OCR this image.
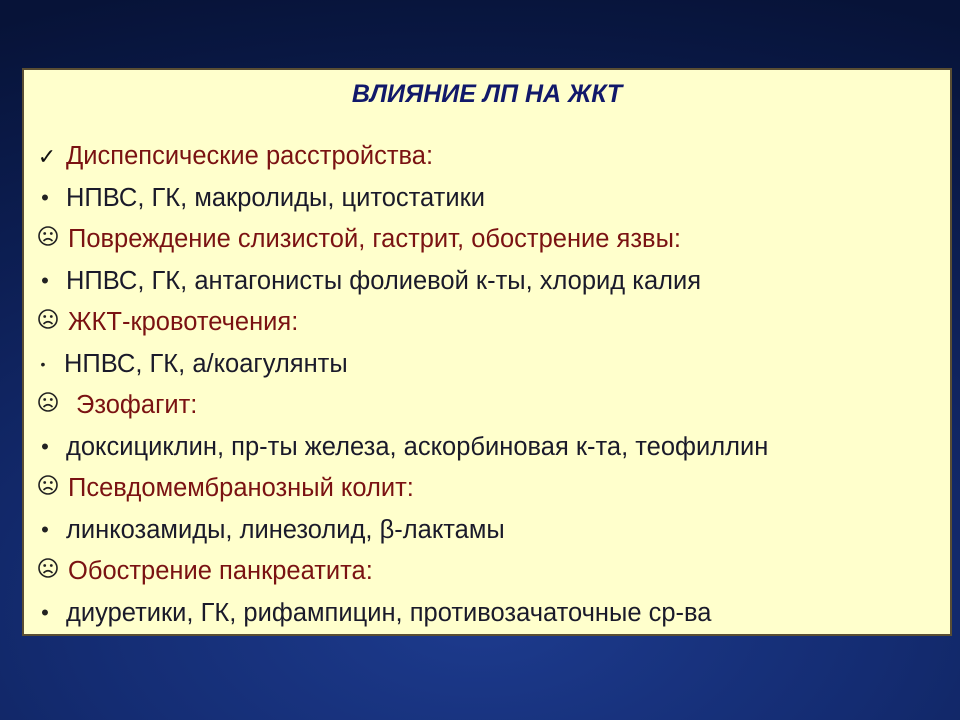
ВЛИЯНИЕ ЛП НА ЖКТ
✓ Диспепсические расстройства:
• НПВС, ГК, макролиды, цитостатики
Повреждение слизистой, гастрит, обострение язвы:
• НПВС, ГК, антагонисты фолиевой к-ты, хлорид калия
ЖКТ-кровотечения:
• НПВС, ГК, а/коагулянты
Эзофагит:
• доксициклин, пр-ты железа, аскорбиновая к-та, теофиллин
Псевдомембранозный колит:
• линкозамиды, линезолид, β-лактамы
Обострение панкреатита:
• диуретики, ГК, рифампицин, противозачаточные ср-ва
